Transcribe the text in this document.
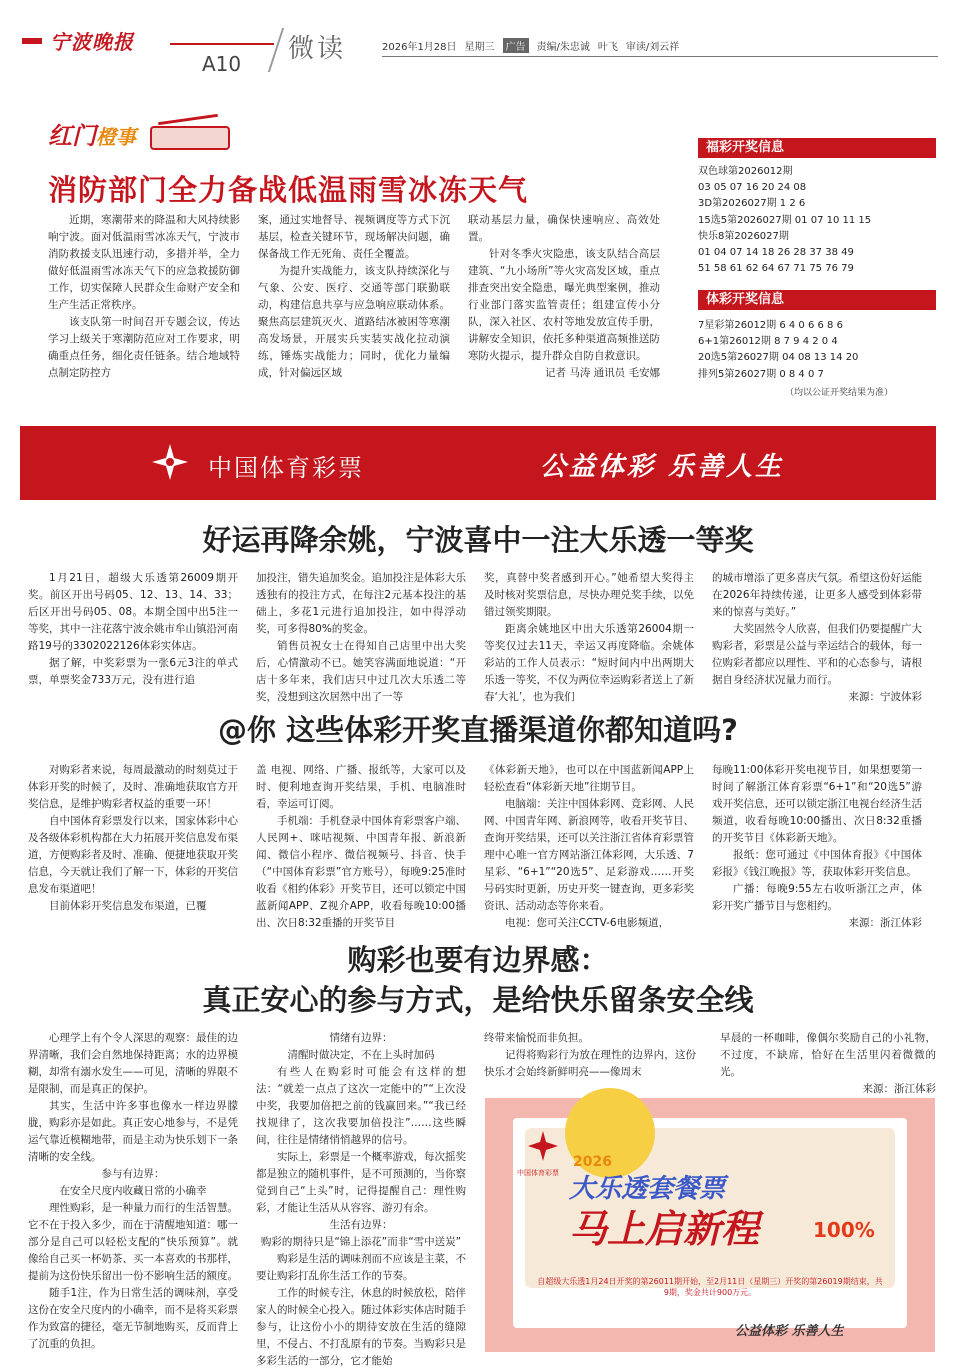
宁波晚报
A10 微读	2026年1月28日 星期三	广告	责编/朱忠诚 叶飞 审读/刘云祥
红门橙事
消防部门全力备战低温雨雪冰冻天气

近期，寒潮带来的降温和大风持续影响宁波。面对低温雨雪冰冻天气，宁波市消防救援支队迅速行动，多措并举，全力做好低温雨雪冰冻天气下的应急救援防御工作，切实保障人民群众生命财产安全和生产生活正常秩序。

该支队第一时间召开专题会议，传达学习上级关于寒潮防范应对工作要求，明确重点任务，细化责任链条。结合地域特点制定防控方

案，通过实地督导、视频调度等方式下沉基层，检查关键环节，现场解决问题，确保备战工作无死角、责任全覆盖。

为提升实战能力，该支队持续深化与气象、公安、医疗、交通等部门联勤联动，构建信息共享与应急响应联动体系。聚焦高层建筑灭火、道路结冰被困等寒潮高发场景，开展实兵实装实战化拉动演练，锤炼实战能力；同时，优化力量编成，针对偏远区域

联动基层力量，确保快速响应、高效处置。

针对冬季火灾隐患，该支队结合高层建筑、“九小场所”等火灾高发区域，重点排查突出安全隐患，曝光典型案例，推动行业部门落实监管责任；组建宣传小分队，深入社区、农村等地发放宣传手册，讲解安全知识，依托多种渠道高频推送防寒防火提示，提升群众自防自救意识。

记者 马涛 通讯员 毛安娜

福彩开奖信息
双色球第2026012期
03 05 07 16 20 24 08
3D第2026027期 1 2 6
15选5第2026027期 01 07 10 11 15
快乐8第2026027期
01 04 07 14 18 26 28 37 38 49
51 58 61 62 64 67 71 75 76 79
体彩开奖信息
7星彩第26012期 6 4 0 6 6 8 6
6+1第26012期 8 7 9 4 2 0 4
20选5第26027期 04 08 13 14 20
排列5第26027期 0 8 4 0 7
（均以公证开奖结果为准）
中国体育彩票	公益体彩 乐善人生
好运再降余姚，宁波喜中一注大乐透一等奖

1月21日，超级大乐透第26009期开奖。前区开出号码05、12、13、14、33；后区开出号码05、08。本期全国中出5注一等奖，其中一注花落宁波余姚市牟山镇沿河南路19号的33020221​26体彩实体店。

据了解，中奖彩票为一张6元3注的单式票，单票奖金733万元，没有进行追

加投注，错失追加奖金。追加投注是体彩大乐透独有的投注方式，在每注2元基本投注的基础上，多花1元进行追加投注，如中得浮动奖，可多得80%的奖金。

销售员祝女士在得知自己店里中出大奖后，心情激动不已。她笑容满面地说道：“开店十多年来，我们店只中过几次大乐透二等奖，没想到这次居然中出了一等

奖，真替中奖者感到开心。”她希望大奖得主及时核对奖票信息，尽快办理兑奖手续，以免错过领奖期限。

距离余姚地区中出大乐透第26004期一等奖仅过去11天，幸运又再度降临。余姚体彩站的工作人员表示：“短时间内中出两期大乐透一等奖，不仅为两位幸运购彩者送上了新春‘大礼’，也为我们

的城市增添了更多喜庆气氛。希望这份好运能在2026年持续传递，让更多人感受到体彩带来的惊喜与美好。”

大奖固然令人欣喜，但我们仍要提醒广大购彩者，彩票是公益与幸运结合的载体，每一位购彩者都应以理性、平和的心态参与，请根据自身经济状况量力而行。

来源：宁波体彩

@你 这些体彩开奖直播渠道你都知道吗?

对购彩者来说，每周最激动的时刻莫过于体彩开奖的时候了，及时、准确地获取官方开奖信息，是维护购彩者权益的重要一环！

自中国体育彩票发行以来，国家体彩中心及各级体彩机构都在大力拓展开奖信息发布渠道，方便购彩者及时、准确、便捷地获取开奖信息，今天就让我们了解一下，体彩的开奖信息发布渠道吧！

目前体彩开奖信息发布渠道，已覆

盖 电视、网络、广播、报纸等，大家可以及时、便利地查询开奖结果，手机、电脑准时看，幸运可订阅。

手机端：手机登录中国体育彩票客户端、人民网+、咪咕视频、中国青年报、新浪新闻、微信小程序、微信视频号、抖音、快手（“中国体育彩票”官方账号），每晚9:25准时收看《相约体彩》开奖节目，还可以锁定中国蓝新闻APP、Z视介APP，收看每晚10:00播出、次日8:32重播的开奖节目

《体彩新天地》，也可以在中国蓝新闻APP上轻松查看“体彩新天地”往期节目。

电脑端：关注中国体彩网、竞彩网、人民网、中国青年网、新浪网等，收看开奖节目、查询开奖结果，还可以关注浙江省体育彩票管理中心唯一官方网站浙江体彩网，大乐透、7星彩、“6+1”“20选5”、足彩游戏……开奖号码实时更新，历史开奖一键查询，更多彩奖资讯、活动动态等你来看。

电视：您可关注CCTV-6电影频道，

每晚11:00体彩开奖电视节目，如果想要第一时间了解浙江体育彩票“6+1”和“20选5”游戏开奖信息，还可以锁定浙江电视台经济生活频道，收看每晚10:00播出、次日8:32重播的开奖节目《体彩新天地》。

报纸：您可通过《中国体育报》《中国体彩报》《钱江晚报》等，获取体彩开奖信息。

广播：每晚9:55左右收听浙江之声，体彩开奖广播节目与您相约。

来源：浙江体彩

购彩也要有边界感：
真正安心的参与方式，是给快乐留条安全线

心理学上有个令人深思的观察：最佳的边界清晰，我们会自然地保持距离；水的边界模糊，却常有溺水发生——可见，清晰的界限不是限制，而是真正的保护。

其实，生活中许多事也像水一样边界朦胧，购彩亦是如此。真正安心地参与，不是凭运气靠近模糊地带，而是主动为快乐划下一条清晰的安全线。

参与有边界：

在安全尺度内收藏日常的小确幸

理性购彩，是一种量力而行的生活智慧。它不在于投入多少，而在于清醒地知道：哪一部分是自己可以轻松支配的“快乐预算”。就像给自己买一杯奶茶、买一本喜欢的书那样，提前为这份快乐留出一份不影响生活的额度。

随手1注，作为日常生活的调味剂，享受这份在安全尺度内的小确幸，而不是将买彩票作为致富的捷径，毫无节制地购买，反而背上了沉重的负担。

情绪有边界：

清醒时做决定，不在上头时加码

有些人在购彩时可能会有这样的想法：“就差一点点了这次一定能中的”“上次没中奖，我要加倍把之前的钱赢回来。”“我已经找规律了，这次我要加倍投注”……这些瞬间，往往是情绪悄悄越界的信号。

实际上，彩票是一个概率游戏，每次摇奖都是独立的随机事件，是不可预测的，当你察觉到自己“上头”时，记得提醒自己：理性购彩，才能让生活从从容容、游刃有余。

生活有边界：

购彩的期待只是“锦上添花”而非“雪中送炭”

购彩是生活的调味剂而不应该是主菜，不要让购彩打乱你生活工作的节奏。

工作的时候专注，休息的时候放松，陪伴家人的时候全心投入。随过体彩实体店时随手参与，让这份小小的期待安放在生活的缝隙里，不侵占、不打乱原有的节奏。当购彩只是多彩生活的一部分，它才能始

终带来愉悦而非负担。

记得将购彩行为放在理性的边界内，这份快乐才会始终新鲜明亮——像周末

早晨的一杯咖啡，像偶尔奖励自己的小礼物，不过度，不缺席，恰好在生活里闪着微微的光。

来源：浙江体彩

中国体育彩票
2026
大乐透套餐票
马上启新程	100%
自超级大乐透1月24日开奖的第26011期开始，至2月11日（星期三）开奖的第26019期结束，共9期，奖金共计900万元。
公益体彩 乐善人生
